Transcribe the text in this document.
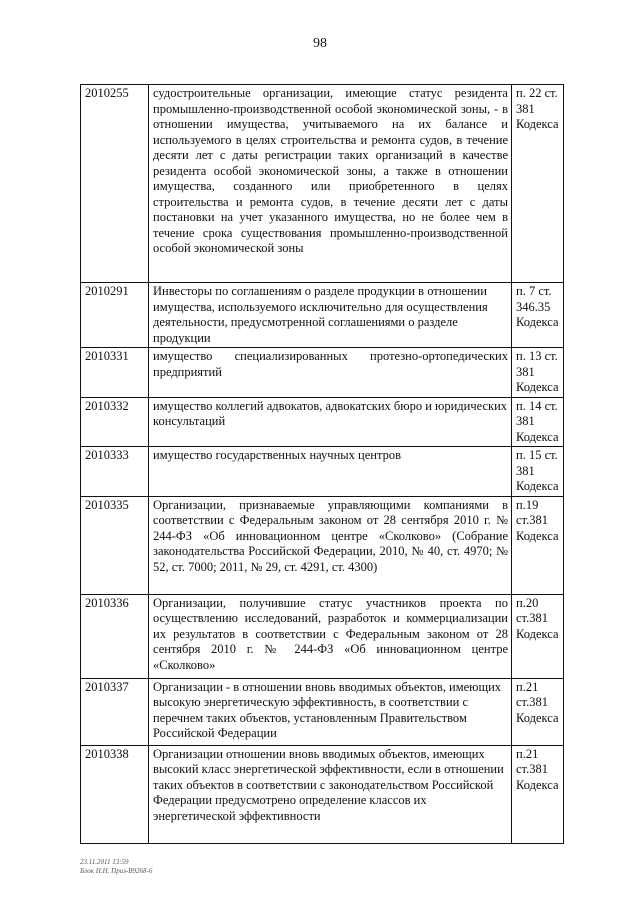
98
2010255	судостроительные организации, имеющие статус резидента промышленно-производственной особой экономической зоны, - в отношении имущества, учитываемого на их балансе и используемого в целях строительства и ремонта судов, в течение десяти лет с даты регистрации таких организаций в качестве резидента особой экономической зоны, а также в отношении имущества, созданного или приобретенного в целях строительства и ремонта судов, в течение десяти лет с даты постановки на учет указанного имущества, но не более чем в течение срока существования промышленно-производственной особой экономической зоны	п. 22 ст. 381 Кодекса
2010291	Инвесторы по соглашениям о разделе продукции в отношении имущества, используемого исключительно для осуществления деятельности, предусмотренной соглашениями о разделе продукции	п. 7 ст. 346.35 Кодекса
2010331	имущество специализированных протезно-ортопедических предприятий	п. 13 ст. 381 Кодекса
2010332	имущество коллегий адвокатов, адвокатских бюро и юридических консультаций	п. 14 ст. 381 Кодекса
2010333	имущество государственных научных центров	п. 15 ст. 381 Кодекса
2010335	Организации, признаваемые управляющими компаниями в соответствии с Федеральным законом от 28 сентября 2010 г. № 244-ФЗ «Об инновационном центре «Сколково» (Собрание законодательства Российской Федерации, 2010, № 40, ст. 4970; № 52, ст. 7000; 2011, № 29, ст. 4291, ст. 4300)	п.19 ст.381 Кодекса
2010336	Организации, получившие статус участников проекта по осуществлению исследований, разработок и коммерциализации их результатов в соответствии с Федеральным законом от 28 сентября 2010 г. № 244-ФЗ «Об инновационном центре «Сколково»	п.20 ст.381 Кодекса
2010337	Организации - в отношении вновь вводимых объектов, имеющих высокую энергетическую эффективность, в соответствии с перечнем таких объектов, установленным Правительством Российской Федерации	п.21 ст.381 Кодекса
2010338	Организации отношении вновь вводимых объектов, имеющих высокий класс энергетической эффективности, если в отношении таких объектов в соответствии с законодательством Российской Федерации предусмотрено определение классов их энергетической эффективности	п.21 ст.381 Кодекса
23.11.2011 13:59
Блок Н.Н. Приз-В9268-6
